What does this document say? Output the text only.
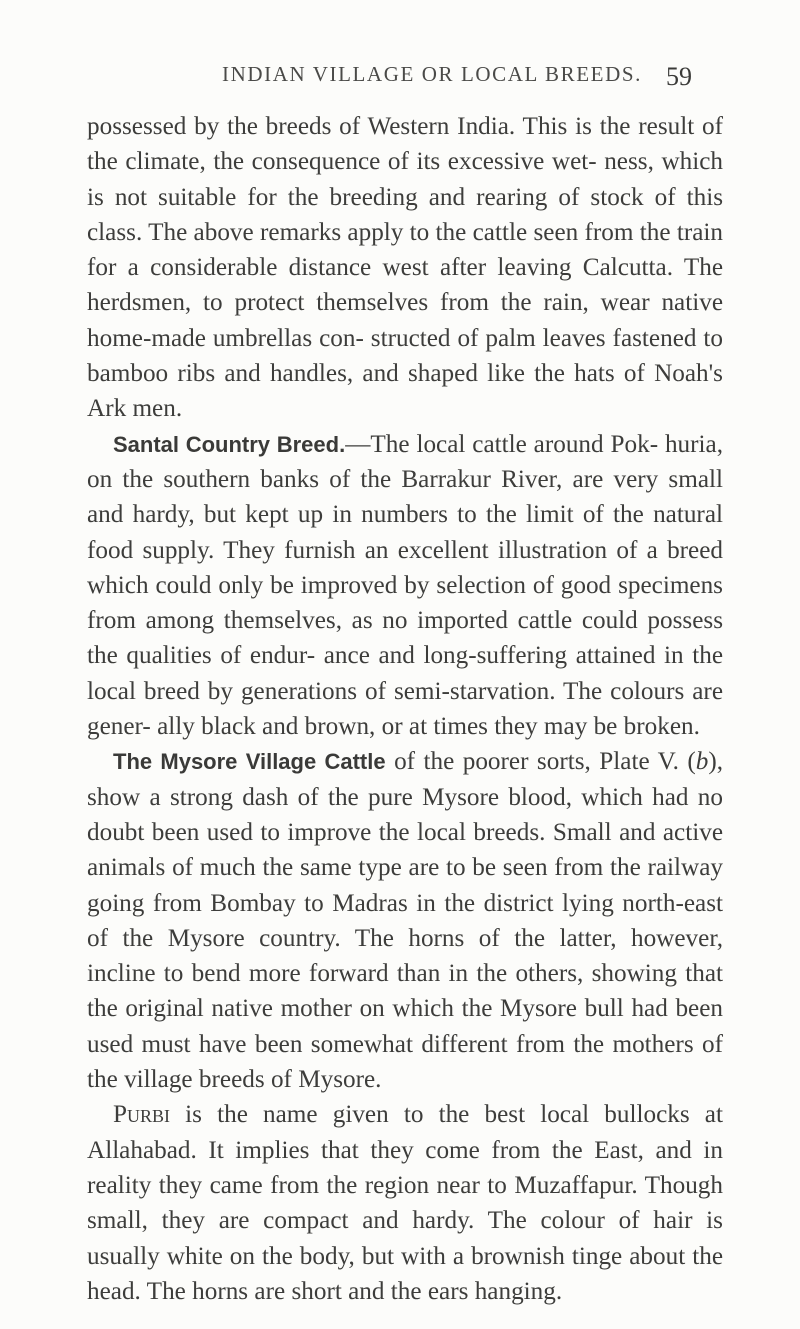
INDIAN VILLAGE OR LOCAL BREEDS. 59

possessed by the breeds of Western India. This is the result of the climate, the consequence of its excessive wet- ness, which is not suitable for the breeding and rearing of stock of this class. The above remarks apply to the cattle seen from the train for a considerable distance west after leaving Calcutta. The herdsmen, to protect themselves from the rain, wear native home-made umbrellas con- structed of palm leaves fastened to bamboo ribs and handles, and shaped like the hats of Noah's Ark men.

Santal Country Breed.—The local cattle around Pok- huria, on the southern banks of the Barrakur River, are very small and hardy, but kept up in numbers to the limit of the natural food supply. They furnish an excellent illustration of a breed which could only be improved by selection of good specimens from among themselves, as no imported cattle could possess the qualities of endur- ance and long-suffering attained in the local breed by generations of semi-starvation. The colours are gener- ally black and brown, or at times they may be broken.

The Mysore Village Cattle of the poorer sorts, Plate V. (b), show a strong dash of the pure Mysore blood, which had no doubt been used to improve the local breeds. Small and active animals of much the same type are to be seen from the railway going from Bombay to Madras in the district lying north-east of the Mysore country. The horns of the latter, however, incline to bend more forward than in the others, showing that the original native mother on which the Mysore bull had been used must have been somewhat different from the mothers of the village breeds of Mysore.

Purbi is the name given to the best local bullocks at Allahabad. It implies that they come from the East, and in reality they came from the region near to Muzaffapur. Though small, they are compact and hardy. The colour of hair is usually white on the body, but with a brownish tinge about the head. The horns are short and the ears hanging.
